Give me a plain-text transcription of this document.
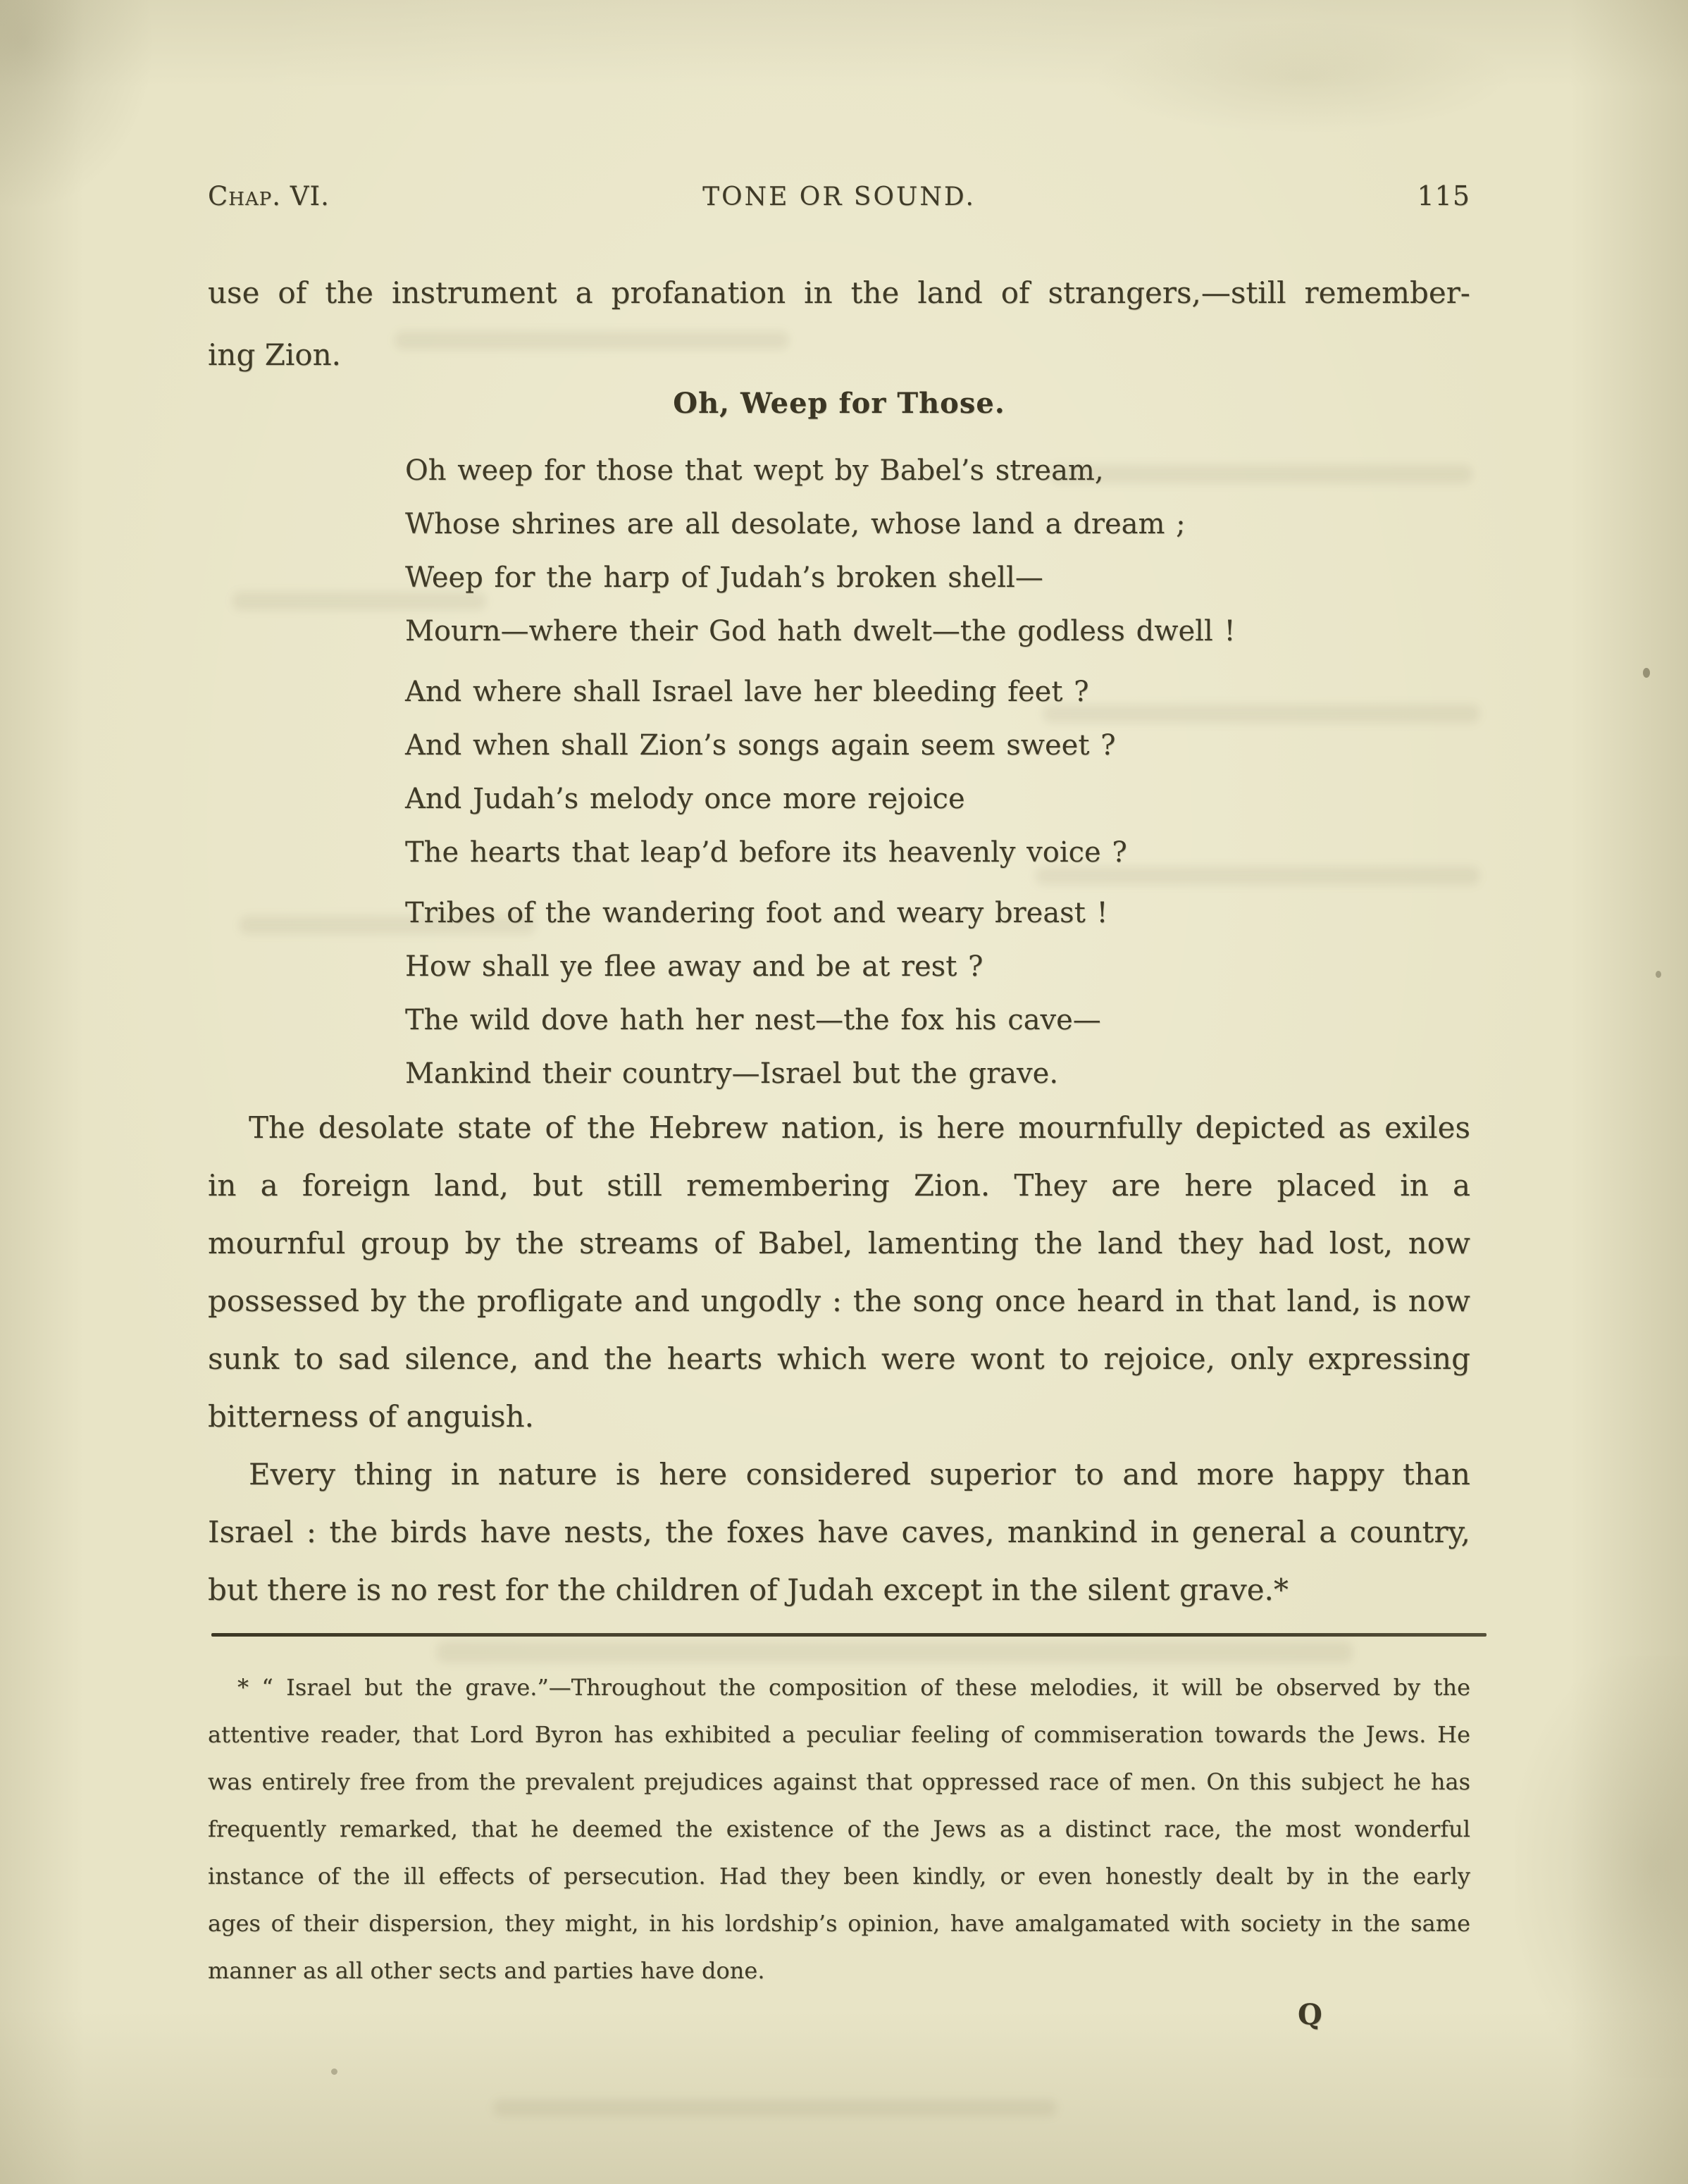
Chap. VI.	TONE OR SOUND.	115
use of the instrument a profanation in the land of strangers,—still remember-
ing Zion.
Oh, Weep for Those.
Oh weep for those that wept by Babel’s stream,
Whose shrines are all desolate, whose land a dream ;
Weep for the harp of Judah’s broken shell—
Mourn—where their God hath dwelt—the godless dwell !
And where shall Israel lave her bleeding feet ?
And when shall Zion’s songs again seem sweet ?
And Judah’s melody once more rejoice
The hearts that leap’d before its heavenly voice ?
Tribes of the wandering foot and weary breast !
How shall ye flee away and be at rest ?
The wild dove hath her nest—the fox his cave—
Mankind their country—Israel but the grave.
The desolate state of the Hebrew nation, is here mournfully depicted as exiles
in a foreign land, but still remembering Zion. They are here placed in a
mournful group by the streams of Babel, lamenting the land they had lost, now
possessed by the profligate and ungodly : the song once heard in that land, is now
sunk to sad silence, and the hearts which were wont to rejoice, only expressing
bitterness of anguish.
Every thing in nature is here considered superior to and more happy than
Israel : the birds have nests, the foxes have caves, mankind in general a country,
but there is no rest for the children of Judah except in the silent grave.*
* “ Israel but the grave.”—Throughout the composition of these melodies, it will be observed by the
attentive reader, that Lord Byron has exhibited a peculiar feeling of commiseration towards the Jews. He
was entirely free from the prevalent prejudices against that oppressed race of men. On this subject he has
frequently remarked, that he deemed the existence of the Jews as a distinct race, the most wonderful
instance of the ill effects of persecution. Had they been kindly, or even honestly dealt by in the early
ages of their dispersion, they might, in his lordship’s opinion, have amalgamated with society in the same
manner as all other sects and parties have done.
Q
